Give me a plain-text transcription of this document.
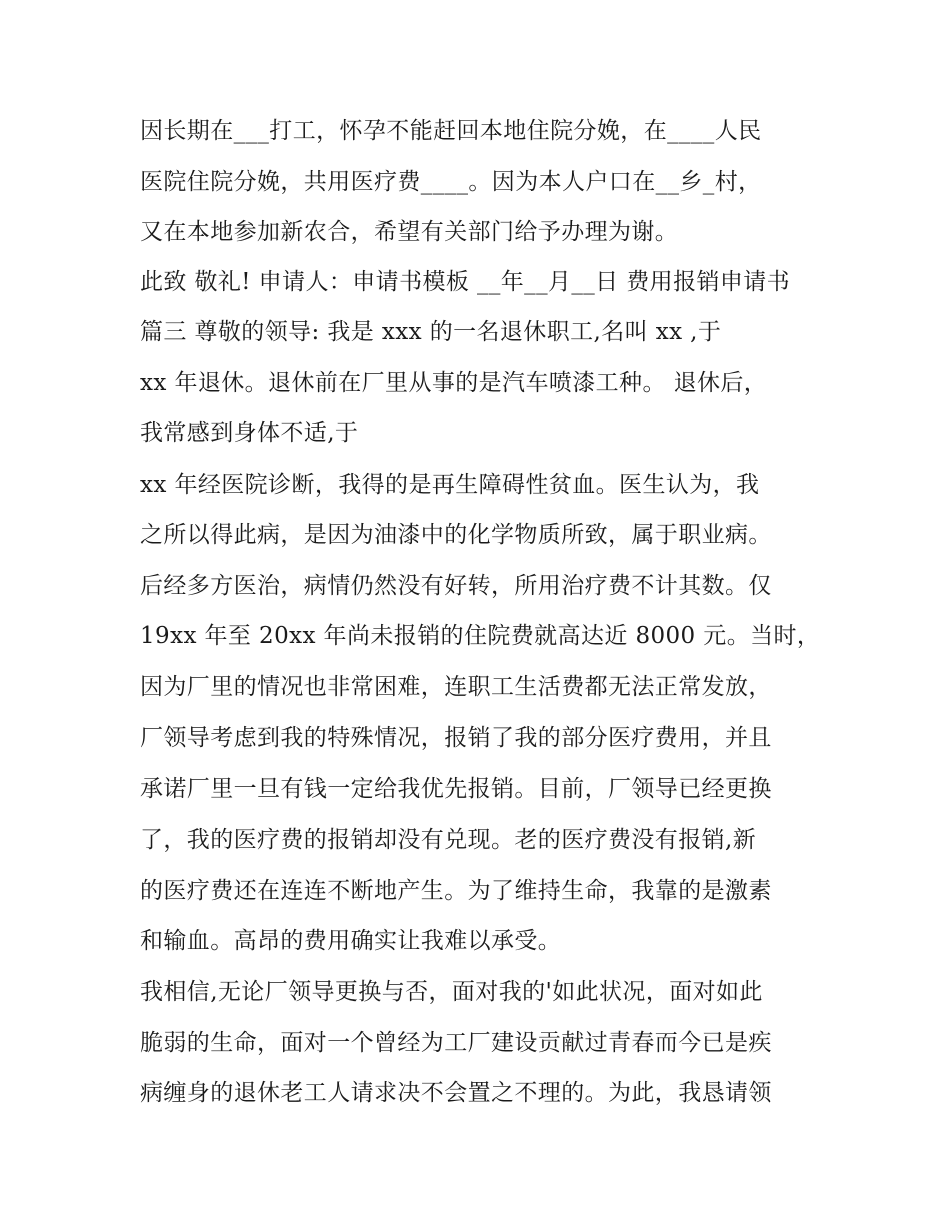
因长期在___打工，怀孕不能赶回本地住院分娩，在____人民
医院住院分娩，共用医疗费____。因为本人户口在__乡_村，
又在本地参加新农合，希望有关部门给予办理为谢。
此致 敬礼! 申请人：申请书模板 __年__月__日 费用报销申请书
篇三 尊敬的领导: 我是 xxx 的一名退休职工,名叫 xx ,于
xx 年退休。退休前在厂里从事的是汽车喷漆工种。 退休后，
我常感到身体不适,于
xx 年经医院诊断，我得的是再生障碍性贫血。医生认为，我
之所以得此病，是因为油漆中的化学物质所致，属于职业病。
后经多方医治，病情仍然没有好转，所用治疗费不计其数。仅
19xx 年至 20xx 年尚未报销的住院费就高达近 8000 元。当时，
因为厂里的情况也非常困难，连职工生活费都无法正常发放，
厂领导考虑到我的特殊情况，报销了我的部分医疗费用，并且
承诺厂里一旦有钱一定给我优先报销。目前，厂领导已经更换
了，我的医疗费的报销却没有兑现。老的医疗费没有报销,新
的医疗费还在连连不断地产生。为了维持生命，我靠的是激素
和输血。高昂的费用确实让我难以承受。
我相信,无论厂领导更换与否，面对我的'如此状况，面对如此
脆弱的生命，面对一个曾经为工厂建设贡献过青春而今已是疾
病缠身的退休老工人请求决不会置之不理的。为此，我恳请领
